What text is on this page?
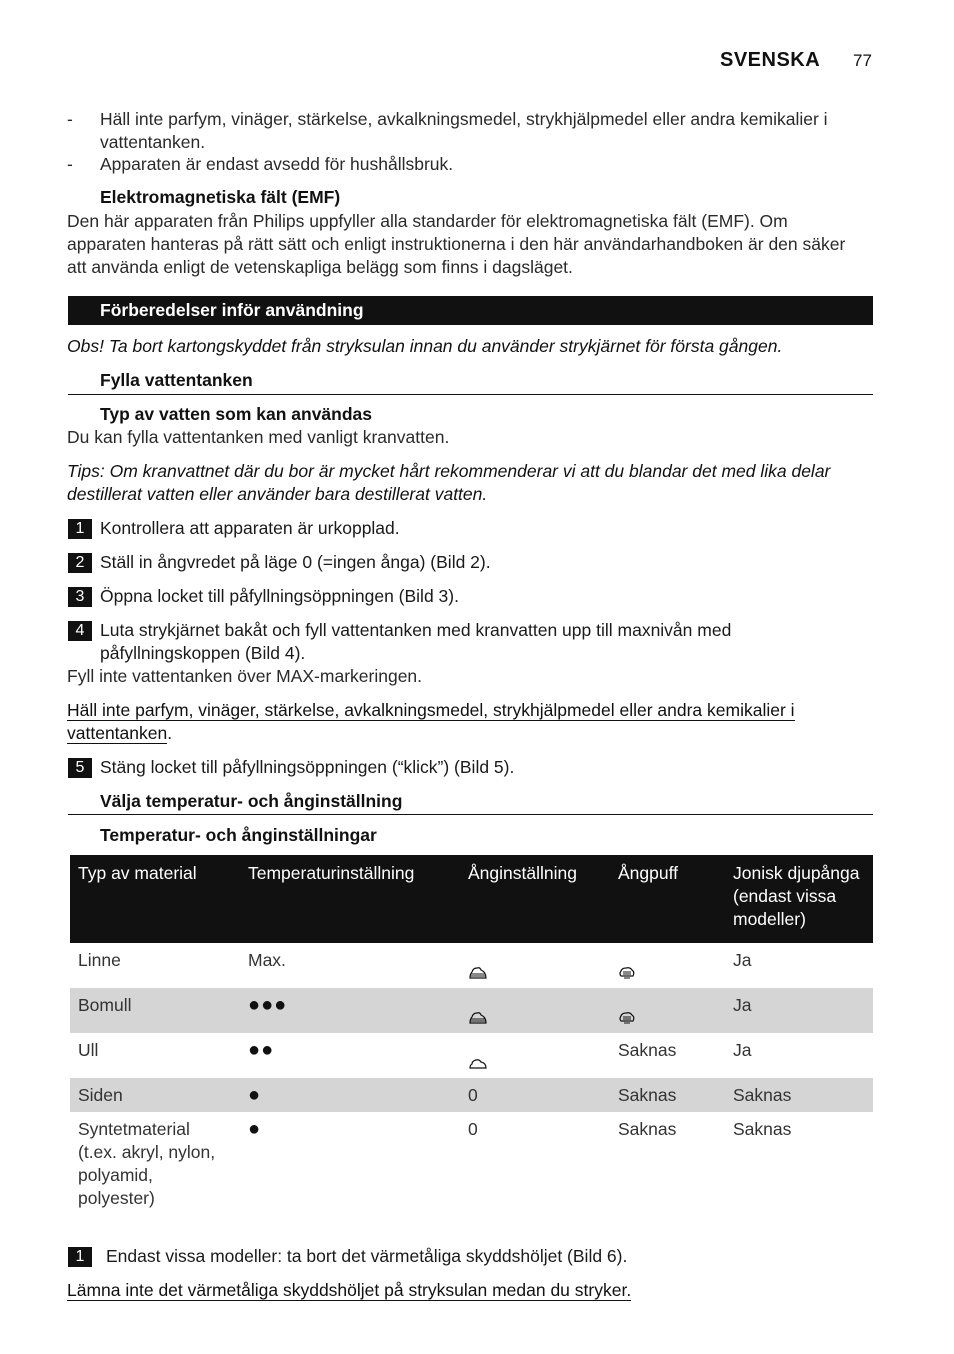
SVENSKA 77
- Häll inte parfym, vinäger, stärkelse, avkalkningsmedel, strykhjälpmedel eller andra kemikalier i
vattentanken.
- Apparaten är endast avsedd för hushållsbruk.
Elektromagnetiska fält (EMF)
Den här apparaten från Philips uppfyller alla standarder för elektromagnetiska fält (EMF). Om
apparaten hanteras på rätt sätt och enligt instruktionerna i den här användarhandboken är den säker
att använda enligt de vetenskapliga belägg som finns i dagsläget.
Förberedelser inför användning
Obs! Ta bort kartongskyddet från stryksulan innan du använder strykjärnet för första gången.
Fylla vattentanken
Typ av vatten som kan användas
Du kan fylla vattentanken med vanligt kranvatten.
Tips: Om kranvattnet där du bor är mycket hårt rekommenderar vi att du blandar det med lika delar
destillerat vatten eller använder bara destillerat vatten.
1 Kontrollera att apparaten är urkopplad.
2 Ställ in ångvredet på läge 0 (=ingen ånga) (Bild 2).
3 Öppna locket till påfyllningsöppningen (Bild 3).
4 Luta strykjärnet bakåt och fyll vattentanken med kranvatten upp till maxnivån med
påfyllningskoppen (Bild 4).
Fyll inte vattentanken över MAX-markeringen.
Häll inte parfym, vinäger, stärkelse, avkalkningsmedel, strykhjälpmedel eller andra kemikalier i
vattentanken.
5 Stäng locket till påfyllningsöppningen (“klick”) (Bild 5).
Välja temperatur- och ånginställning
Temperatur- och ånginställningar
Typ av material	Temperaturinställning	Ånginställning	Ångpuff	Jonisk djupånga
(endast vissa
modeller)

Linne	Max.			Ja
Bomull	●●●			Ja
Ull	●●		Saknas	Ja
Siden	●	0	Saknas	Saknas

Syntetmaterial
(t.ex. akryl, nylon,
polyamid,
polyester)	●	0	Saknas	Saknas
1	Endast vissa modeller: ta bort det värmetåliga skyddshöljet (Bild 6).
Lämna inte det värmetåliga skyddshöljet på stryksulan medan du stryker.
